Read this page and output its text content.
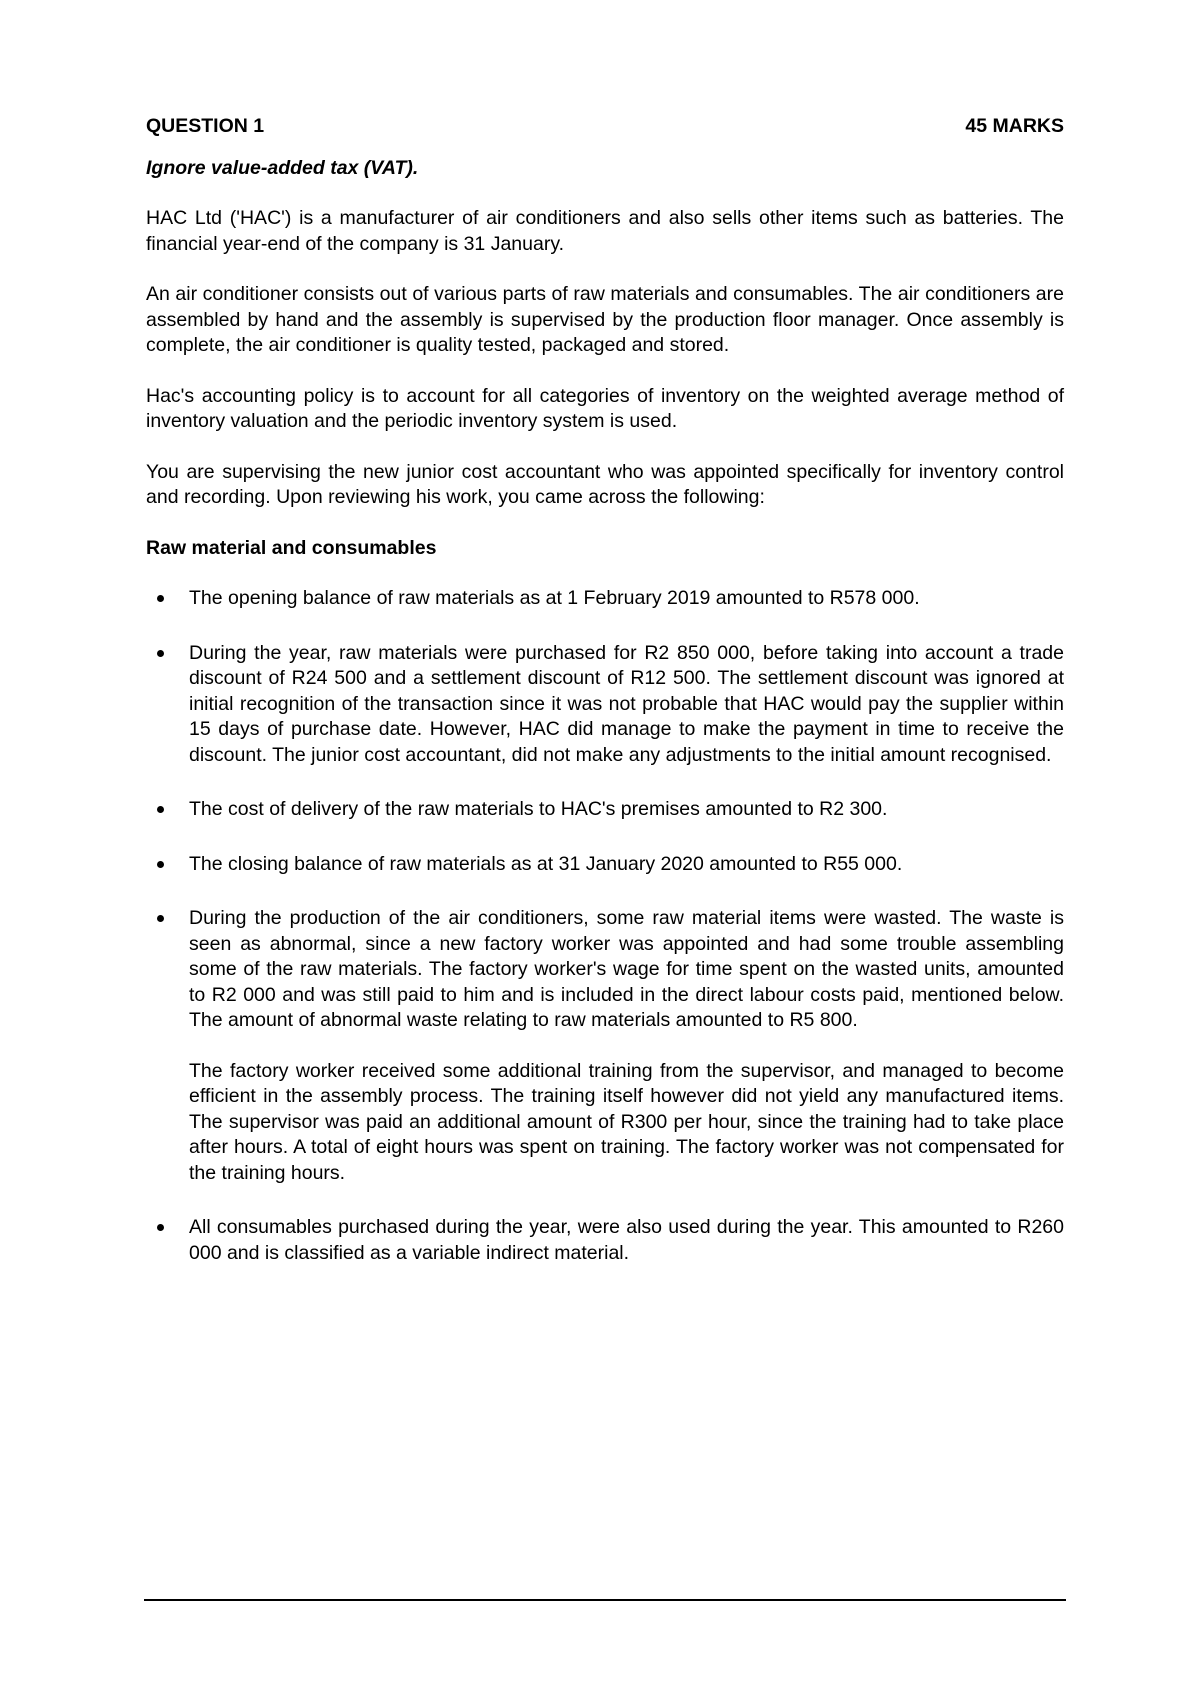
QUESTION 1	45 MARKS
Ignore value-added tax (VAT).

HAC Ltd ('HAC') is a manufacturer of air conditioners and also sells other items such as batteries. The financial year-end of the company is 31 January.

An air conditioner consists out of various parts of raw materials and consumables. The air conditioners are assembled by hand and the assembly is supervised by the production floor manager. Once assembly is complete, the air conditioner is quality tested, packaged and stored.

Hac's accounting policy is to account for all categories of inventory on the weighted average method of inventory valuation and the periodic inventory system is used.

You are supervising the new junior cost accountant who was appointed specifically for inventory control and recording. Upon reviewing his work, you came across the following:

Raw material and consumables
The opening balance of raw materials as at 1 February 2019 amounted to R578 000.
During the year, raw materials were purchased for R2 850 000, before taking into account a trade discount of R24 500 and a settlement discount of R12 500. The settlement discount was ignored at initial recognition of the transaction since it was not probable that HAC would pay the supplier within 15 days of purchase date. However, HAC did manage to make the payment in time to receive the discount. The junior cost accountant, did not make any adjustments to the initial amount recognised.
The cost of delivery of the raw materials to HAC's premises amounted to R2 300.
The closing balance of raw materials as at 31 January 2020 amounted to R55 000.
During the production of the air conditioners, some raw material items were wasted. The waste is seen as abnormal, since a new factory worker was appointed and had some trouble assembling some of the raw materials. The factory worker's wage for time spent on the wasted units, amounted to R2 000 and was still paid to him and is included in the direct labour costs paid, mentioned below. The amount of abnormal waste relating to raw materials amounted to R5 800.
The factory worker received some additional training from the supervisor, and managed to become efficient in the assembly process. The training itself however did not yield any manufactured items. The supervisor was paid an additional amount of R300 per hour, since the training had to take place after hours. A total of eight hours was spent on training. The factory worker was not compensated for the training hours.
All consumables purchased during the year, were also used during the year. This amounted to R260 000 and is classified as a variable indirect material.
